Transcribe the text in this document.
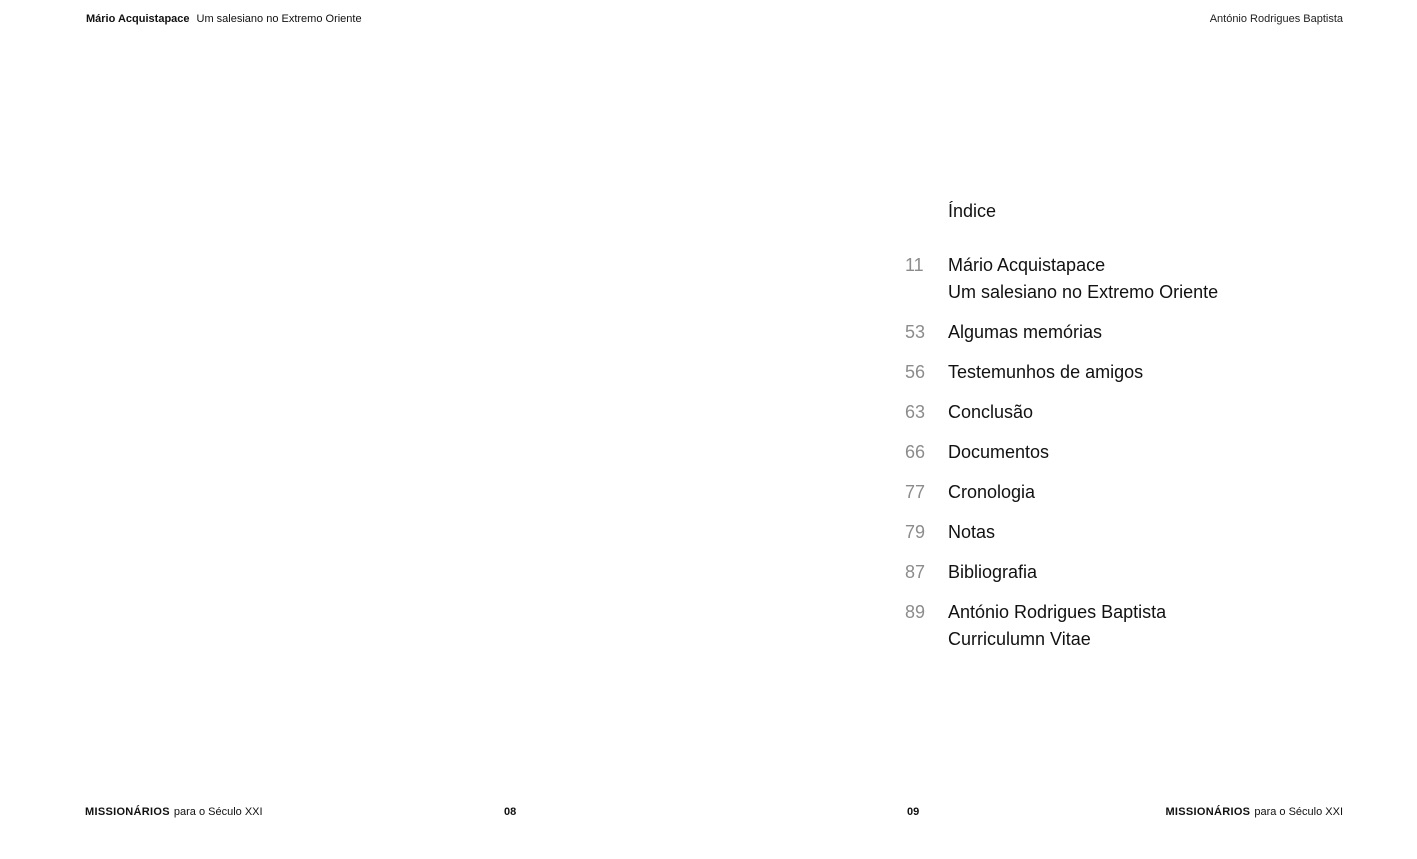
Mário Acquistapace Um salesiano no Extremo Oriente	António Rodrigues Baptista
Índice
11	Mário Acquistapace
Um salesiano no Extremo Oriente
53	Algumas memórias
56	Testemunhos de amigos
63	Conclusão
66	Documentos
77	Cronologia
79	Notas
87	Bibliografia
89	António Rodrigues Baptista
Curriculumn Vitae
MISSIONÁRIOS para o Século XXI	08	09	MISSIONÁRIOS para o Século XXI
